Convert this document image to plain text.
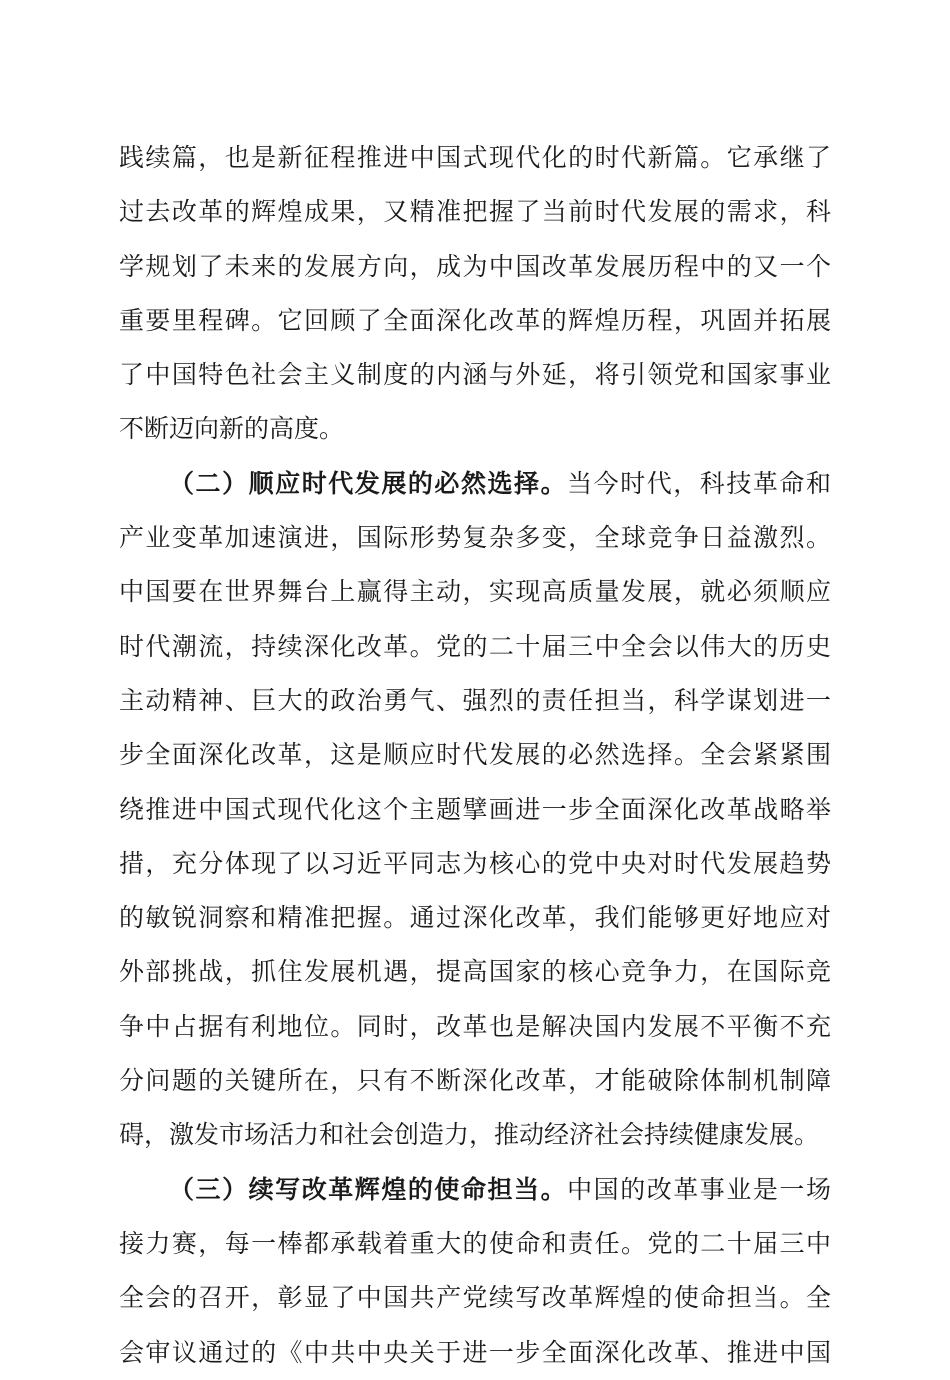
践续篇，也是新征程推进中国式现代化的时代新篇。它承继了
过去改革的辉煌成果，又精准把握了当前时代发展的需求，科
学规划了未来的发展方向，成为中国改革发展历程中的又一个
重要里程碑。它回顾了全面深化改革的辉煌历程，巩固并拓展
了中国特色社会主义制度的内涵与外延，将引领党和国家事业
不断迈向新的高度。
（二）顺应时代发展的必然选择。当今时代，科技革命和
产业变革加速演进，国际形势复杂多变，全球竞争日益激烈。
中国要在世界舞台上赢得主动，实现高质量发展，就必须顺应
时代潮流，持续深化改革。党的二十届三中全会以伟大的历史
主动精神、巨大的政治勇气、强烈的责任担当，科学谋划进一
步全面深化改革，这是顺应时代发展的必然选择。全会紧紧围
绕推进中国式现代化这个主题擘画进一步全面深化改革战略举
措，充分体现了以习近平同志为核心的党中央对时代发展趋势
的敏锐洞察和精准把握。通过深化改革，我们能够更好地应对
外部挑战，抓住发展机遇，提高国家的核心竞争力，在国际竞
争中占据有利地位。同时，改革也是解决国内发展不平衡不充
分问题的关键所在，只有不断深化改革，才能破除体制机制障
碍，激发市场活力和社会创造力，推动经济社会持续健康发展。
（三）续写改革辉煌的使命担当。中国的改革事业是一场
接力赛，每一棒都承载着重大的使命和责任。党的二十届三中
全会的召开，彰显了中国共产党续写改革辉煌的使命担当。全
会审议通过的《中共中央关于进一步全面深化改革、推进中国
